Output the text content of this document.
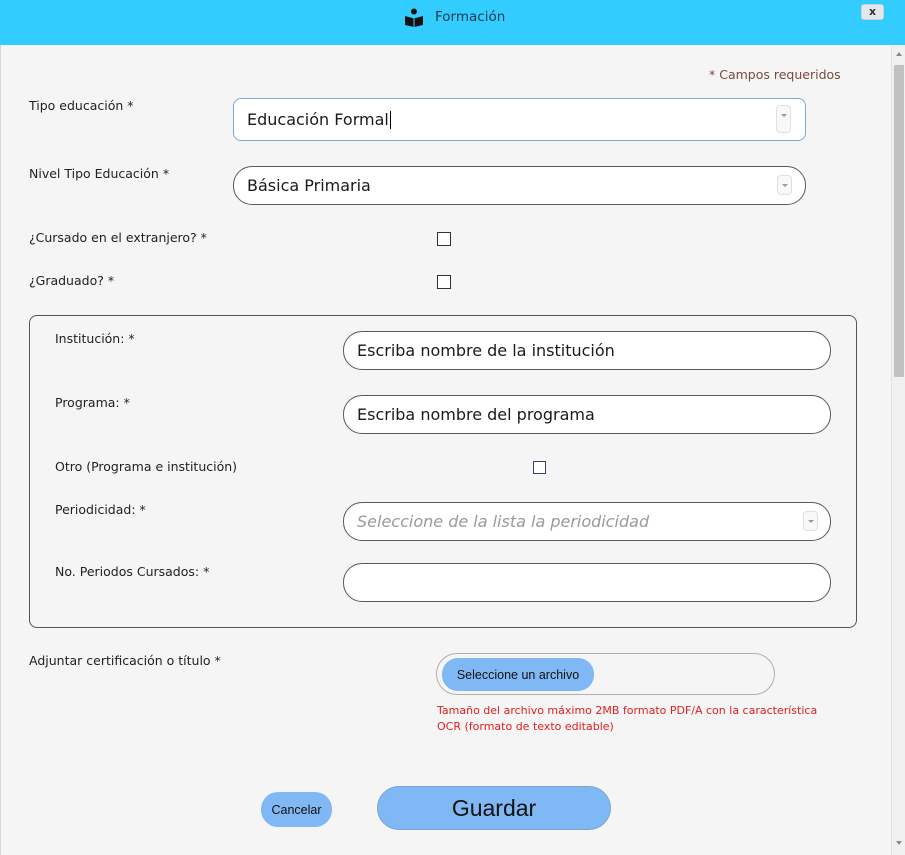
Formación	x
* Campos requeridos
Tipo educación *
Educación Formal
Nivel Tipo Educación *
Básica Primaria
¿Cursado en el extranjero? *
¿Graduado? *
Institución: *
Escriba nombre de la institución
Programa: *
Escriba nombre del programa
Otro (Programa e institución)
Periodicidad: *
Seleccione de la lista la periodicidad
No. Periodos Cursados: *
Adjuntar certificación o título *
Seleccione un archivo
Tamaño del archivo máximo 2MB formato PDF/A con la característica OCR (formato de texto editable)
Cancelar	Guardar
